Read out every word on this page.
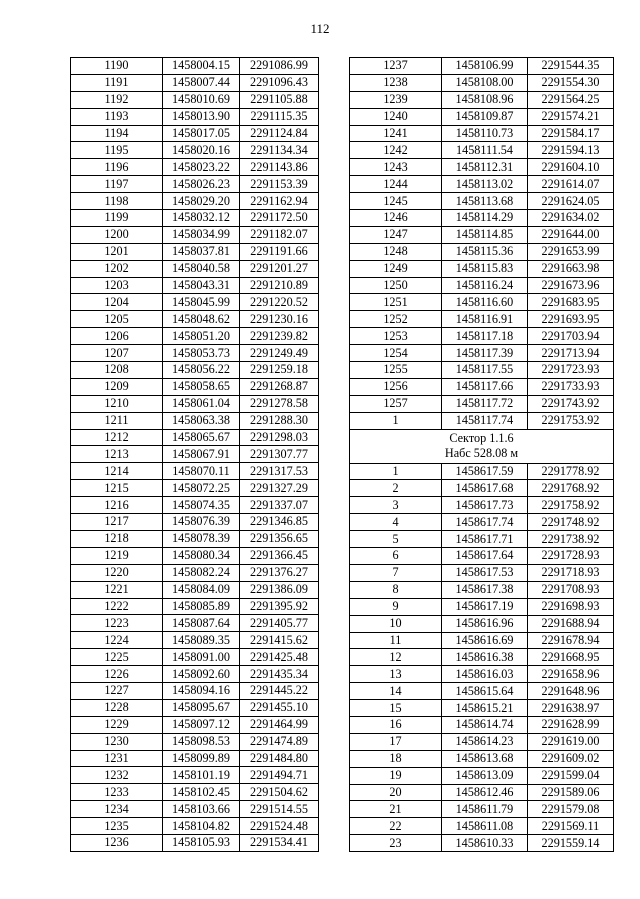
112
1190	1458004.15	2291086.99
1191	1458007.44	2291096.43
1192	1458010.69	2291105.88
1193	1458013.90	2291115.35
1194	1458017.05	2291124.84
1195	1458020.16	2291134.34
1196	1458023.22	2291143.86
1197	1458026.23	2291153.39
1198	1458029.20	2291162.94
1199	1458032.12	2291172.50
1200	1458034.99	2291182.07
1201	1458037.81	2291191.66
1202	1458040.58	2291201.27
1203	1458043.31	2291210.89
1204	1458045.99	2291220.52
1205	1458048.62	2291230.16
1206	1458051.20	2291239.82
1207	1458053.73	2291249.49
1208	1458056.22	2291259.18
1209	1458058.65	2291268.87
1210	1458061.04	2291278.58
1211	1458063.38	2291288.30
1212	1458065.67	2291298.03
1213	1458067.91	2291307.77
1214	1458070.11	2291317.53
1215	1458072.25	2291327.29
1216	1458074.35	2291337.07
1217	1458076.39	2291346.85
1218	1458078.39	2291356.65
1219	1458080.34	2291366.45
1220	1458082.24	2291376.27
1221	1458084.09	2291386.09
1222	1458085.89	2291395.92
1223	1458087.64	2291405.77
1224	1458089.35	2291415.62
1225	1458091.00	2291425.48
1226	1458092.60	2291435.34
1227	1458094.16	2291445.22
1228	1458095.67	2291455.10
1229	1458097.12	2291464.99
1230	1458098.53	2291474.89
1231	1458099.89	2291484.80
1232	1458101.19	2291494.71
1233	1458102.45	2291504.62
1234	1458103.66	2291514.55
1235	1458104.82	2291524.48
1236	1458105.93	2291534.41
1237	1458106.99	2291544.35
1238	1458108.00	2291554.30
1239	1458108.96	2291564.25
1240	1458109.87	2291574.21
1241	1458110.73	2291584.17
1242	1458111.54	2291594.13
1243	1458112.31	2291604.10
1244	1458113.02	2291614.07
1245	1458113.68	2291624.05
1246	1458114.29	2291634.02
1247	1458114.85	2291644.00
1248	1458115.36	2291653.99
1249	1458115.83	2291663.98
1250	1458116.24	2291673.96
1251	1458116.60	2291683.95
1252	1458116.91	2291693.95
1253	1458117.18	2291703.94
1254	1458117.39	2291713.94
1255	1458117.55	2291723.93
1256	1458117.66	2291733.93
1257	1458117.72	2291743.92
1	1458117.74	2291753.92

Сектор 1.1.6
Набс 528.08 м		

1	1458617.59	2291778.92
2	1458617.68	2291768.92
3	1458617.73	2291758.92
4	1458617.74	2291748.92
5	1458617.71	2291738.92
6	1458617.64	2291728.93
7	1458617.53	2291718.93
8	1458617.38	2291708.93
9	1458617.19	2291698.93
10	1458616.96	2291688.94
11	1458616.69	2291678.94
12	1458616.38	2291668.95
13	1458616.03	2291658.96
14	1458615.64	2291648.96
15	1458615.21	2291638.97
16	1458614.74	2291628.99
17	1458614.23	2291619.00
18	1458613.68	2291609.02
19	1458613.09	2291599.04
20	1458612.46	2291589.06
21	1458611.79	2291579.08
22	1458611.08	2291569.11
23	1458610.33	2291559.14
